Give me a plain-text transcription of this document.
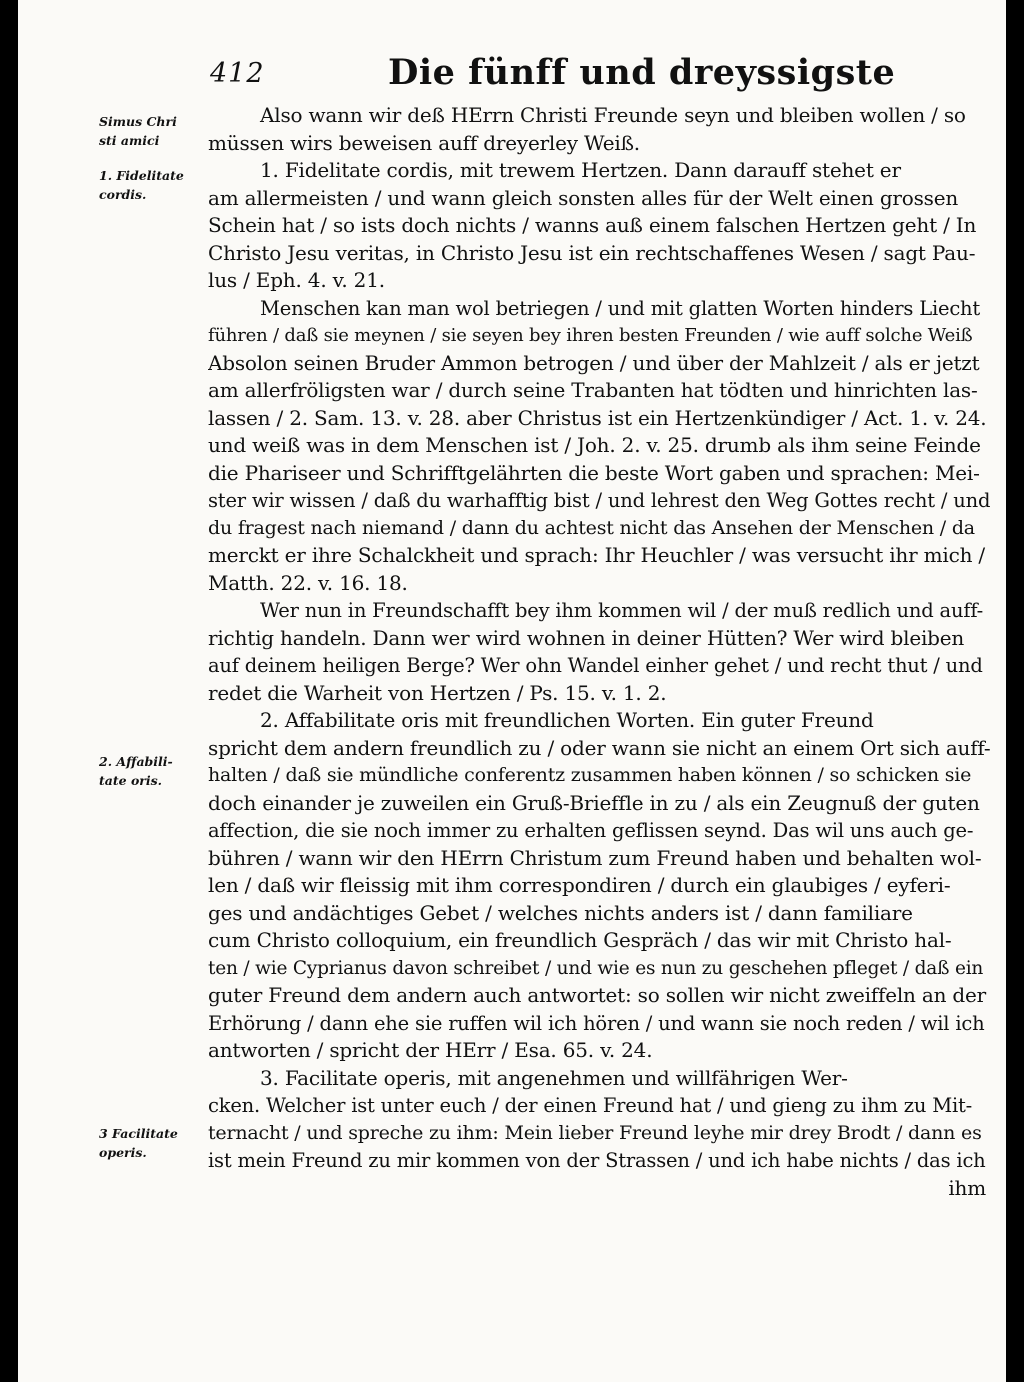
412	Die fünff und dreyssigste
Simus Chri
sti amici
1. Fidelitate
cordis.
2. Affabili-
tate oris.
3 Facilitate
operis.
Also wann wir deß HErrn Christi Freunde seyn und bleiben wollen / so
müssen wirs beweisen auff dreyerley Weiß.
1. Fidelitate cordis, mit trewem Hertzen. Dann darauff stehet er
am allermeisten / und wann gleich sonsten alles für der Welt einen grossen
Schein hat / so ists doch nichts / wanns auß einem falschen Hertzen geht / In
Christo Jesu veritas, in Christo Jesu ist ein rechtschaffenes Wesen / sagt Pau-
lus / Eph. 4. v. 21.
Menschen kan man wol betriegen / und mit glatten Worten hinders Liecht
führen / daß sie meynen / sie seyen bey ihren besten Freunden / wie auff solche Weiß
Absolon seinen Bruder Ammon betrogen / und über der Mahlzeit / als er jetzt
am allerfröligsten war / durch seine Trabanten hat tödten und hinrichten las-
lassen / 2. Sam. 13. v. 28. aber Christus ist ein Hertzenkündiger / Act. 1. v. 24.
und weiß was in dem Menschen ist / Joh. 2. v. 25. drumb als ihm seine Feinde
die Phariseer und Schrifftgelährten die beste Wort gaben und sprachen: Mei-
ster wir wissen / daß du warhafftig bist / und lehrest den Weg Gottes recht / und
du fragest nach niemand / dann du achtest nicht das Ansehen der Menschen / da
merckt er ihre Schalckheit und sprach: Ihr Heuchler / was versucht ihr mich /
Matth. 22. v. 16. 18.
Wer nun in Freundschafft bey ihm kommen wil / der muß redlich und auff-
richtig handeln. Dann wer wird wohnen in deiner Hütten? Wer wird bleiben
auf deinem heiligen Berge? Wer ohn Wandel einher gehet / und recht thut / und
redet die Warheit von Hertzen / Ps. 15. v. 1. 2.
2. Affabilitate oris mit freundlichen Worten. Ein guter Freund
spricht dem andern freundlich zu / oder wann sie nicht an einem Ort sich auff-
halten / daß sie mündliche conferentz zusammen haben können / so schicken sie
doch einander je zuweilen ein Gruß-Brieffle in zu / als ein Zeugnuß der guten
affection, die sie noch immer zu erhalten geflissen seynd. Das wil uns auch ge-
bühren / wann wir den HErrn Christum zum Freund haben und behalten wol-
len / daß wir fleissig mit ihm correspondiren / durch ein glaubiges / eyferi-
ges und andächtiges Gebet / welches nichts anders ist / dann familiare
cum Christo colloquium, ein freundlich Gespräch / das wir mit Christo hal-
ten / wie Cyprianus davon schreibet / und wie es nun zu geschehen pfleget / daß ein
guter Freund dem andern auch antwortet: so sollen wir nicht zweiffeln an der
Erhörung / dann ehe sie ruffen wil ich hören / und wann sie noch reden / wil ich
antworten / spricht der HErr / Esa. 65. v. 24.
3. Facilitate operis, mit angenehmen und willfährigen Wer-
cken. Welcher ist unter euch / der einen Freund hat / und gieng zu ihm zu Mit-
ternacht / und spreche zu ihm: Mein lieber Freund leyhe mir drey Brodt / dann es
ist mein Freund zu mir kommen von der Strassen / und ich habe nichts / das ich
ihm
